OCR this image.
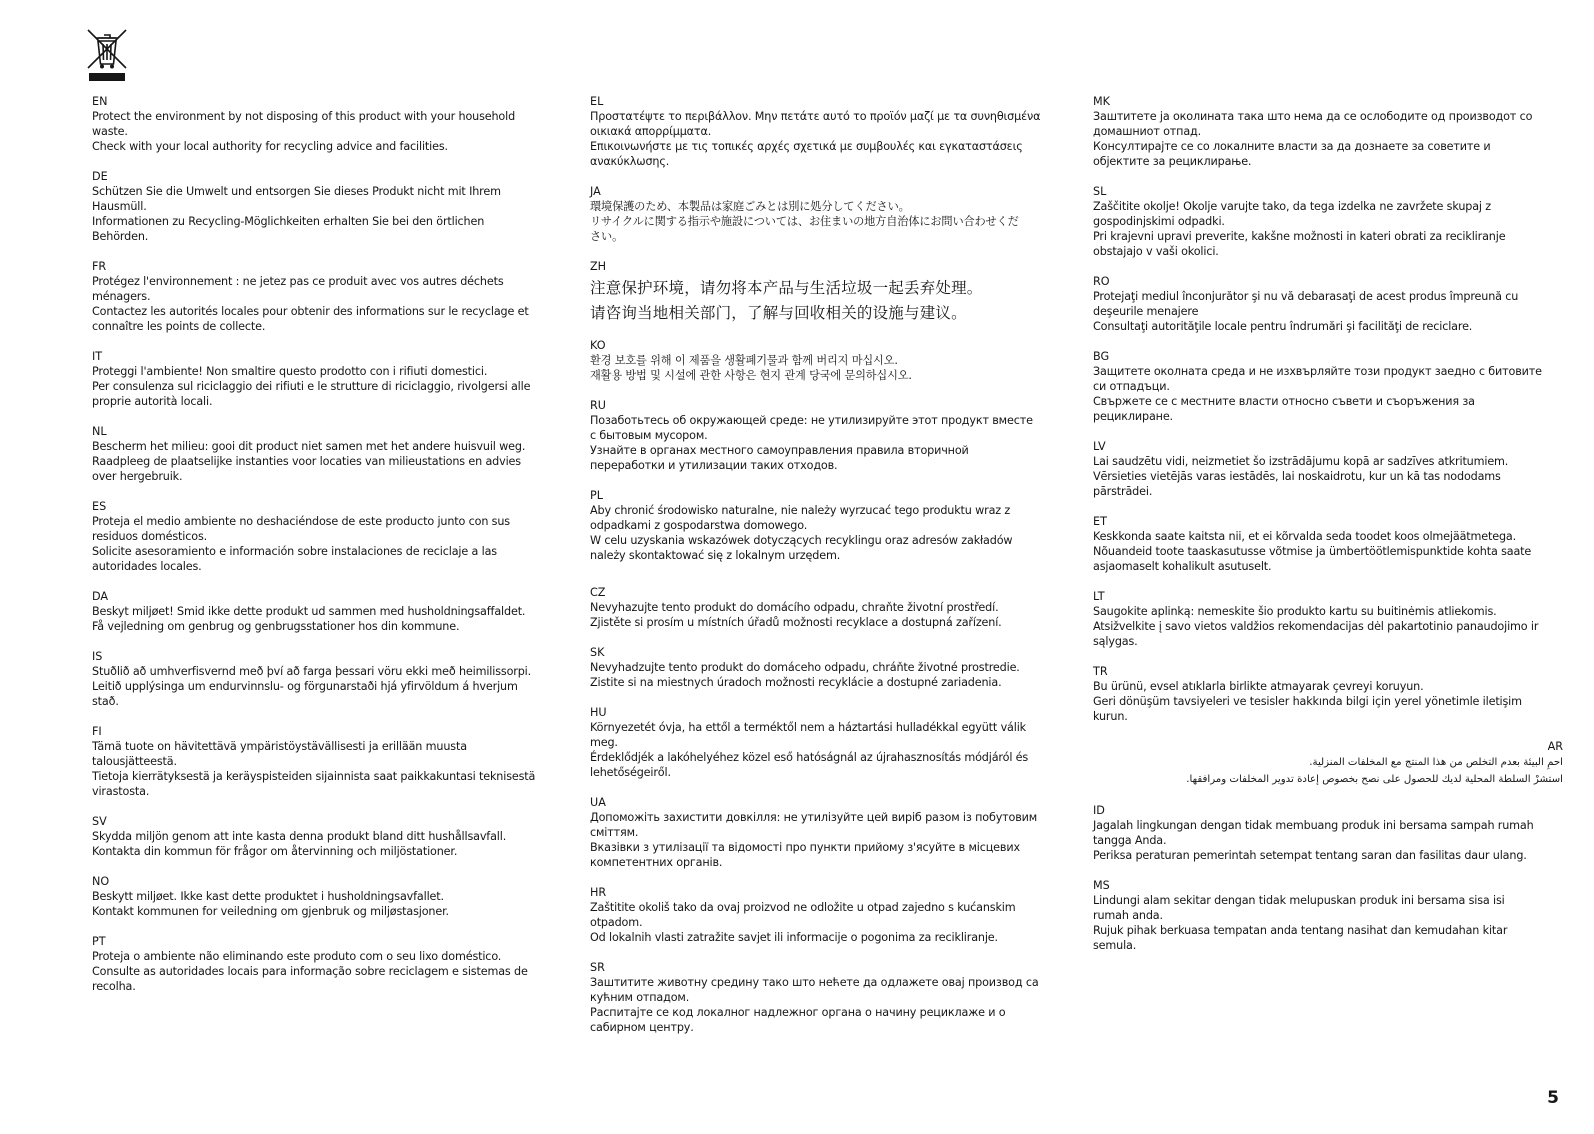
EN
Protect the environment by not disposing of this product with your household
waste.
Check with your local authority for recycling advice and facilities.
DE
Schützen Sie die Umwelt und entsorgen Sie dieses Produkt nicht mit Ihrem
Hausmüll.
Informationen zu Recycling-Möglichkeiten erhalten Sie bei den örtlichen
Behörden.
FR
Protégez l'environnement : ne jetez pas ce produit avec vos autres déchets
ménagers.
Contactez les autorités locales pour obtenir des informations sur le recyclage et
connaître les points de collecte.
IT
Proteggi l'ambiente! Non smaltire questo prodotto con i rifiuti domestici.
Per consulenza sul riciclaggio dei rifiuti e le strutture di riciclaggio, rivolgersi alle
proprie autorità locali.
NL
Bescherm het milieu: gooi dit product niet samen met het andere huisvuil weg.
Raadpleeg de plaatselijke instanties voor locaties van milieustations en advies
over hergebruik.
ES
Proteja el medio ambiente no deshaciéndose de este producto junto con sus
residuos domésticos.
Solicite asesoramiento e información sobre instalaciones de reciclaje a las
autoridades locales.
DA
Beskyt miljøet! Smid ikke dette produkt ud sammen med husholdningsaffaldet.
Få vejledning om genbrug og genbrugsstationer hos din kommune.
IS
Stuðlið að umhverfisvernd með því að farga þessari vöru ekki með heimilissorpi.
Leitið upplýsinga um endurvinnslu- og förgunarstaði hjá yfirvöldum á hverjum
stað.
FI
Tämä tuote on hävitettävä ympäristöystävällisesti ja erillään muusta
talousjätteestä.
Tietoja kierrätyksestä ja keräyspisteiden sijainnista saat paikkakuntasi teknisestä
virastosta.
SV
Skydda miljön genom att inte kasta denna produkt bland ditt hushållsavfall.
Kontakta din kommun för frågor om återvinning och miljöstationer.
NO
Beskytt miljøet. Ikke kast dette produktet i husholdningsavfallet.
Kontakt kommunen for veiledning om gjenbruk og miljøstasjoner.
PT
Proteja o ambiente não eliminando este produto com o seu lixo doméstico.
Consulte as autoridades locais para informação sobre reciclagem e sistemas de
recolha.
EL
Προστατέψτε το περιβάλλον. Μην πετάτε αυτό το προϊόν μαζί με τα συνηθισμένα
οικιακά απορρίμματα.
Επικοινωνήστε με τις τοπικές αρχές σχετικά με συμβουλές και εγκαταστάσεις
ανακύκλωσης.
JA
環境保護のため、本製品は家庭ごみとは別に処分してください。
リサイクルに関する指示や施設については、お住まいの地方自治体にお問い合わせくだ
さい。
ZH
注意保护环境，请勿将本产品与生活垃圾一起丢弃处理。
请咨询当地相关部门，了解与回收相关的设施与建议。
KO
환경 보호를 위해 이 제품을 생활폐기물과 함께 버리지 마십시오.
재활용 방법 및 시설에 관한 사항은 현지 관계 당국에 문의하십시오.
RU
Позаботьтесь об окружающей среде: не утилизируйте этот продукт вместе
с бытовым мусором.
Узнайте в органах местного самоуправления правила вторичной
переработки и утилизации таких отходов.
PL
Aby chronić środowisko naturalne, nie należy wyrzucać tego produktu wraz z
odpadkami z gospodarstwa domowego.
W celu uzyskania wskazówek dotyczących recyklingu oraz adresów zakładów
należy skontaktować się z lokalnym urzędem.
CZ
Nevyhazujte tento produkt do domácího odpadu, chraňte životní prostředí.
Zjistěte si prosím u místních úřadů možnosti recyklace a dostupná zařízení.
SK
Nevyhadzujte tento produkt do domáceho odpadu, chráňte životné prostredie.
Zistite si na miestnych úradoch možnosti recyklácie a dostupné zariadenia.
HU
Környezetét óvja, ha ettől a terméktől nem a háztartási hulladékkal együtt válik
meg.
Érdeklődjék a lakóhelyéhez közel eső hatóságnál az újrahasznosítás módjáról és
lehetőségeiről.
UA
Допоможіть захистити довкілля: не утилізуйте цей виріб разом із побутовим
сміттям.
Вказівки з утилізації та відомості про пункти прийому з'ясуйте в місцевих
компетентних органів.
HR
Zaštitite okoliš tako da ovaj proizvod ne odložite u otpad zajedno s kućanskim
otpadom.
Od lokalnih vlasti zatražite savjet ili informacije o pogonima za recikliranje.
SR
Заштитите животну средину тако што нећете да одлажете овај производ са
кућним отпадом.
Распитајте се код локалног надлежног органа о начину рециклаже и о
сабирном центру.
MK
Заштитете ја околината така што нема да се ослободите од производот со
домашниот отпад.
Консултирајте се со локалните власти за да дознаете за советите и
објектите за рециклирање.
SL
Zaščitite okolje! Okolje varujte tako, da tega izdelka ne zavržete skupaj z
gospodinjskimi odpadki.
Pri krajevni upravi preverite, kakšne možnosti in kateri obrati za recikliranje
obstajajo v vaši okolici.
RO
Protejaţi mediul înconjurător şi nu vă debarasaţi de acest produs împreună cu
deşeurile menajere
Consultaţi autorităţile locale pentru îndrumări şi facilităţi de reciclare.
BG
Защитете околната среда и не изхвърляйте този продукт заедно с битовите
си отпадъци.
Свържете се с местните власти относно съвети и съоръжения за
рециклиране.
LV
Lai saudzētu vidi, neizmetiet šo izstrādājumu kopā ar sadzīves atkritumiem.
Vērsieties vietējās varas iestādēs, lai noskaidrotu, kur un kā tas nododams
pārstrādei.
ET
Keskkonda saate kaitsta nii, et ei kõrvalda seda toodet koos olmejäätmetega.
Nõuandeid toote taaskasutusse võtmise ja ümbertöötlemispunktide kohta saate
asjaomaselt kohalikult asutuselt.
LT
Saugokite aplinką: nemeskite šio produkto kartu su buitinėmis atliekomis.
Atsižvelkite į savo vietos valdžios rekomendacijas dėl pakartotinio panaudojimo ir
sąlygas.
TR
Bu ürünü, evsel atıklarla birlikte atmayarak çevreyi koruyun.
Geri dönüşüm tavsiyeleri ve tesisler hakkında bilgi için yerel yönetimle iletişim
kurun.
AR
احمِ البيئة بعدم التخلص من هذا المنتج مع المخلفات المنزلية.
استشرْ السلطة المحلية لديك للحصول على نصح بخصوص إعادة تدوير المخلفات ومرافقها.
ID
Jagalah lingkungan dengan tidak membuang produk ini bersama sampah rumah
tangga Anda.
Periksa peraturan pemerintah setempat tentang saran dan fasilitas daur ulang.
MS
Lindungi alam sekitar dengan tidak melupuskan produk ini bersama sisa isi
rumah anda.
Rujuk pihak berkuasa tempatan anda tentang nasihat dan kemudahan kitar
semula.
5
